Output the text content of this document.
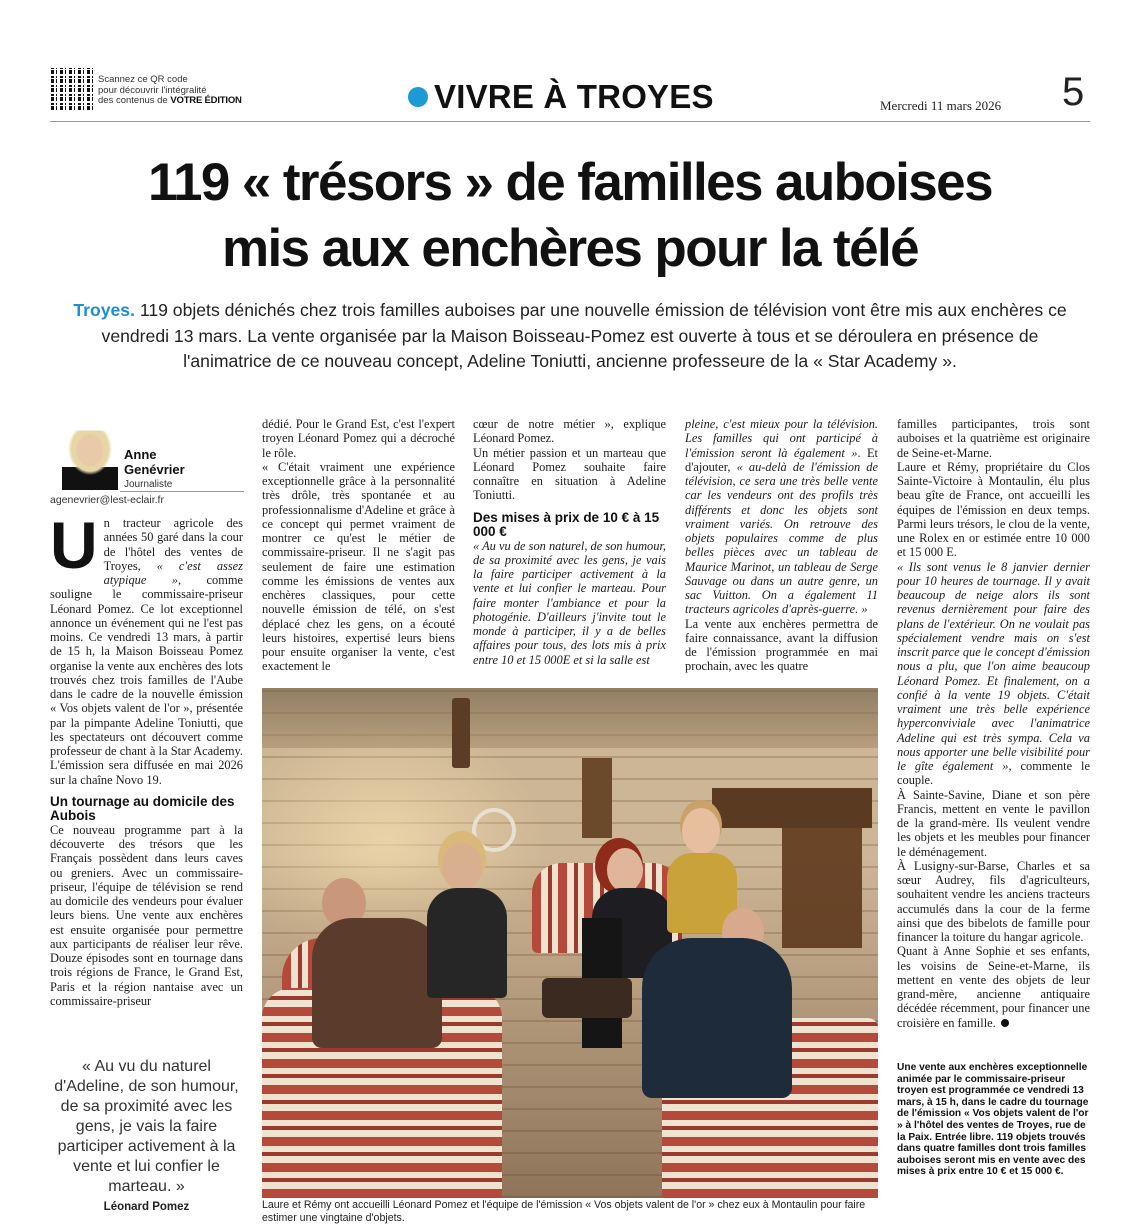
Scannez ce QR code
pour découvrir l'intégralité
des contenus de VOTRE ÉDITION	VIVRE À TROYES	Mercredi 11 mars 2026 5
119 « trésors » de familles auboises
mis aux enchères pour la télé
Troyes. 119 objets dénichés chez trois familles auboises par une nouvelle émission de télévision vont être mis aux enchères ce vendredi 13 mars. La vente organisée par la Maison Boisseau-Pomez est ouverte à tous et se déroulera en présence de l'animatrice de ce nouveau concept, Adeline Toniutti, ancienne professeure de la « Star Academy ».
Anne
Genévrier
Journaliste
agenevrier@lest-eclair.fr

Un tracteur agricole des années 50 garé dans la cour de l'hôtel des ventes de Troyes, « c'est assez atypique », comme souligne le commissaire-priseur Léonard Pomez. Ce lot exceptionnel annonce un événement qui ne l'est pas moins. Ce vendredi 13 mars, à partir de 15 h, la Maison Boisseau Pomez organise la vente aux enchères des lots trouvés chez trois familles de l'Aube dans le cadre de la nouvelle émission « Vos objets valent de l'or », présentée par la pimpante Adeline Toniutti, que les spectateurs ont découvert comme professeur de chant à la Star Academy. L'émission sera diffusée en mai 2026 sur la chaîne Novo 19.

Un tournage au domicile des Aubois

Ce nouveau programme part à la découverte des trésors que les Français possèdent dans leurs caves ou greniers. Avec un commissaire-priseur, l'équipe de télévision se rend au domicile des vendeurs pour évaluer leurs biens. Une vente aux enchères est ensuite organisée pour permettre aux participants de réaliser leur rêve. Douze épisodes sont en tournage dans trois régions de France, le Grand Est, Paris et la région nantaise avec un commissaire-priseur

dédié. Pour le Grand Est, c'est l'expert troyen Léonard Pomez qui a décroché le rôle.

« C'était vraiment une expérience exceptionnelle grâce à la personnalité très drôle, très spontanée et au professionnalisme d'Adeline et grâce à ce concept qui permet vraiment de montrer ce qu'est le métier de commissaire-priseur. Il ne s'agit pas seulement de faire une estimation comme les émissions de ventes aux enchères classiques, pour cette nouvelle émission de télé, on s'est déplacé chez les gens, on a écouté leurs histoires, expertisé leurs biens pour ensuite organiser la vente, c'est exactement le

cœur de notre métier », explique Léonard Pomez.

Un métier passion et un marteau que Léonard Pomez souhaite faire connaître en situation à Adeline Toniutti.

Des mises à prix de 10 € à 15 000 €

« Au vu de son naturel, de son humour, de sa proximité avec les gens, je vais la faire participer activement à la vente et lui confier le marteau. Pour faire monter l'ambiance et pour la photogénie. D'ailleurs j'invite tout le monde à participer, il y a de belles affaires pour tous, des lots mis à prix entre 10 et 15 000E et si la salle est

pleine, c'est mieux pour la télévision. Les familles qui ont participé à l'émission seront là également ». Et d'ajouter, « au-delà de l'émission de télévision, ce sera une très belle vente car les vendeurs ont des profils très différents et donc les objets sont vraiment variés. On retrouve des objets populaires comme de plus belles pièces avec un tableau de Maurice Marinot, un tableau de Serge Sauvage ou dans un autre genre, un sac Vuitton. On a également 11 tracteurs agricoles d'après-guerre. »

La vente aux enchères permettra de faire connaissance, avant la diffusion de l'émission programmée en mai prochain, avec les quatre

familles participantes, trois sont auboises et la quatrième est originaire de Seine-et-Marne.

Laure et Rémy, propriétaire du Clos Sainte-Victoire à Montaulin, élu plus beau gîte de France, ont accueilli les équipes de l'émission en deux temps. Parmi leurs trésors, le clou de la vente, une Rolex en or estimée entre 10 000 et 15 000 E.

« Ils sont venus le 8 janvier dernier pour 10 heures de tournage. Il y avait beaucoup de neige alors ils sont revenus dernièrement pour faire des plans de l'extérieur. On ne voulait pas spécialement vendre mais on s'est inscrit parce que le concept d'émission nous a plu, que l'on aime beaucoup Léonard Pomez. Et finalement, on a confié à la vente 19 objets. C'était vraiment une très belle expérience hyperconviviale avec l'animatrice Adeline qui est très sympa. Cela va nous apporter une belle visibilité pour le gîte également », commente le couple.

À Sainte-Savine, Diane et son père Francis, mettent en vente le pavillon de la grand-mère. Ils veulent vendre les objets et les meubles pour financer le déménagement.

À Lusigny-sur-Barse, Charles et sa sœur Audrey, fils d'agriculteurs, souhaitent vendre les anciens tracteurs accumulés dans la cour de la ferme ainsi que des bibelots de famille pour financer la toiture du hangar agricole.

Quant à Anne Sophie et ses enfants, les voisins de Seine-et-Marne, ils mettent en vente des objets de leur grand-mère, ancienne antiquaire décédée récemment, pour financer une croisière en famille.

« Au vu du naturel d'Adeline, de son humour, de sa proximité avec les gens, je vais la faire participer activement à la vente et lui confier le marteau. »
Léonard Pomez
Une vente aux enchères exceptionnelle animée par le commissaire-priseur troyen est programmée ce vendredi 13 mars, à 15 h, dans le cadre du tournage de l'émission « Vos objets valent de l'or » à l'hôtel des ventes de Troyes, rue de la Paix. Entrée libre. 119 objets trouvés dans quatre familles dont trois familles auboises seront mis en vente avec des mises à prix entre 10 € et 15 000 €.
Laure et Rémy ont accueilli Léonard Pomez et l'équipe de l'émission « Vos objets valent de l'or » chez eux à Montaulin pour faire estimer une vingtaine d'objets.
